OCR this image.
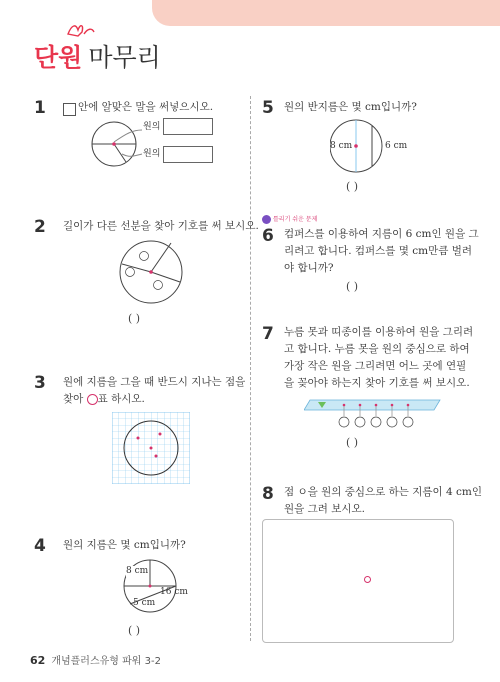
단원 마무리
1	안에 알맞은 말을 써넣으시오.
원의
원의
2 길이가 다른 선분을 찾아 기호를 써 보시오.
( )
3 원에 지름을 그을 때 반드시 지나는 점을
찾아 ○표 하시오.
4 원의 지름은 몇 cm입니까?
8 cm
16 cm
5 cm
( )
5 원의 반지름은 몇 cm입니까?
8 cm	6 cm
( )
틀리기 쉬운 문제
6 컴퍼스를 이용하여 지름이 6 cm인 원을 그
리려고 합니다. 컴퍼스를 몇 cm만큼 벌려
야 합니까?
( )
7 누름 못과 띠종이를 이용하여 원을 그리려
고 합니다. 누름 못을 원의 중심으로 하여
가장 작은 원을 그리려면 어느 곳에 연필
을 꽂아야 하는지 찾아 기호를 써 보시오.
( )
8 점 ㅇ을 원의 중심으로 하는 지름이 4 cm인
원을 그려 보시오.
62 개념플러스유형 파워 3-2
